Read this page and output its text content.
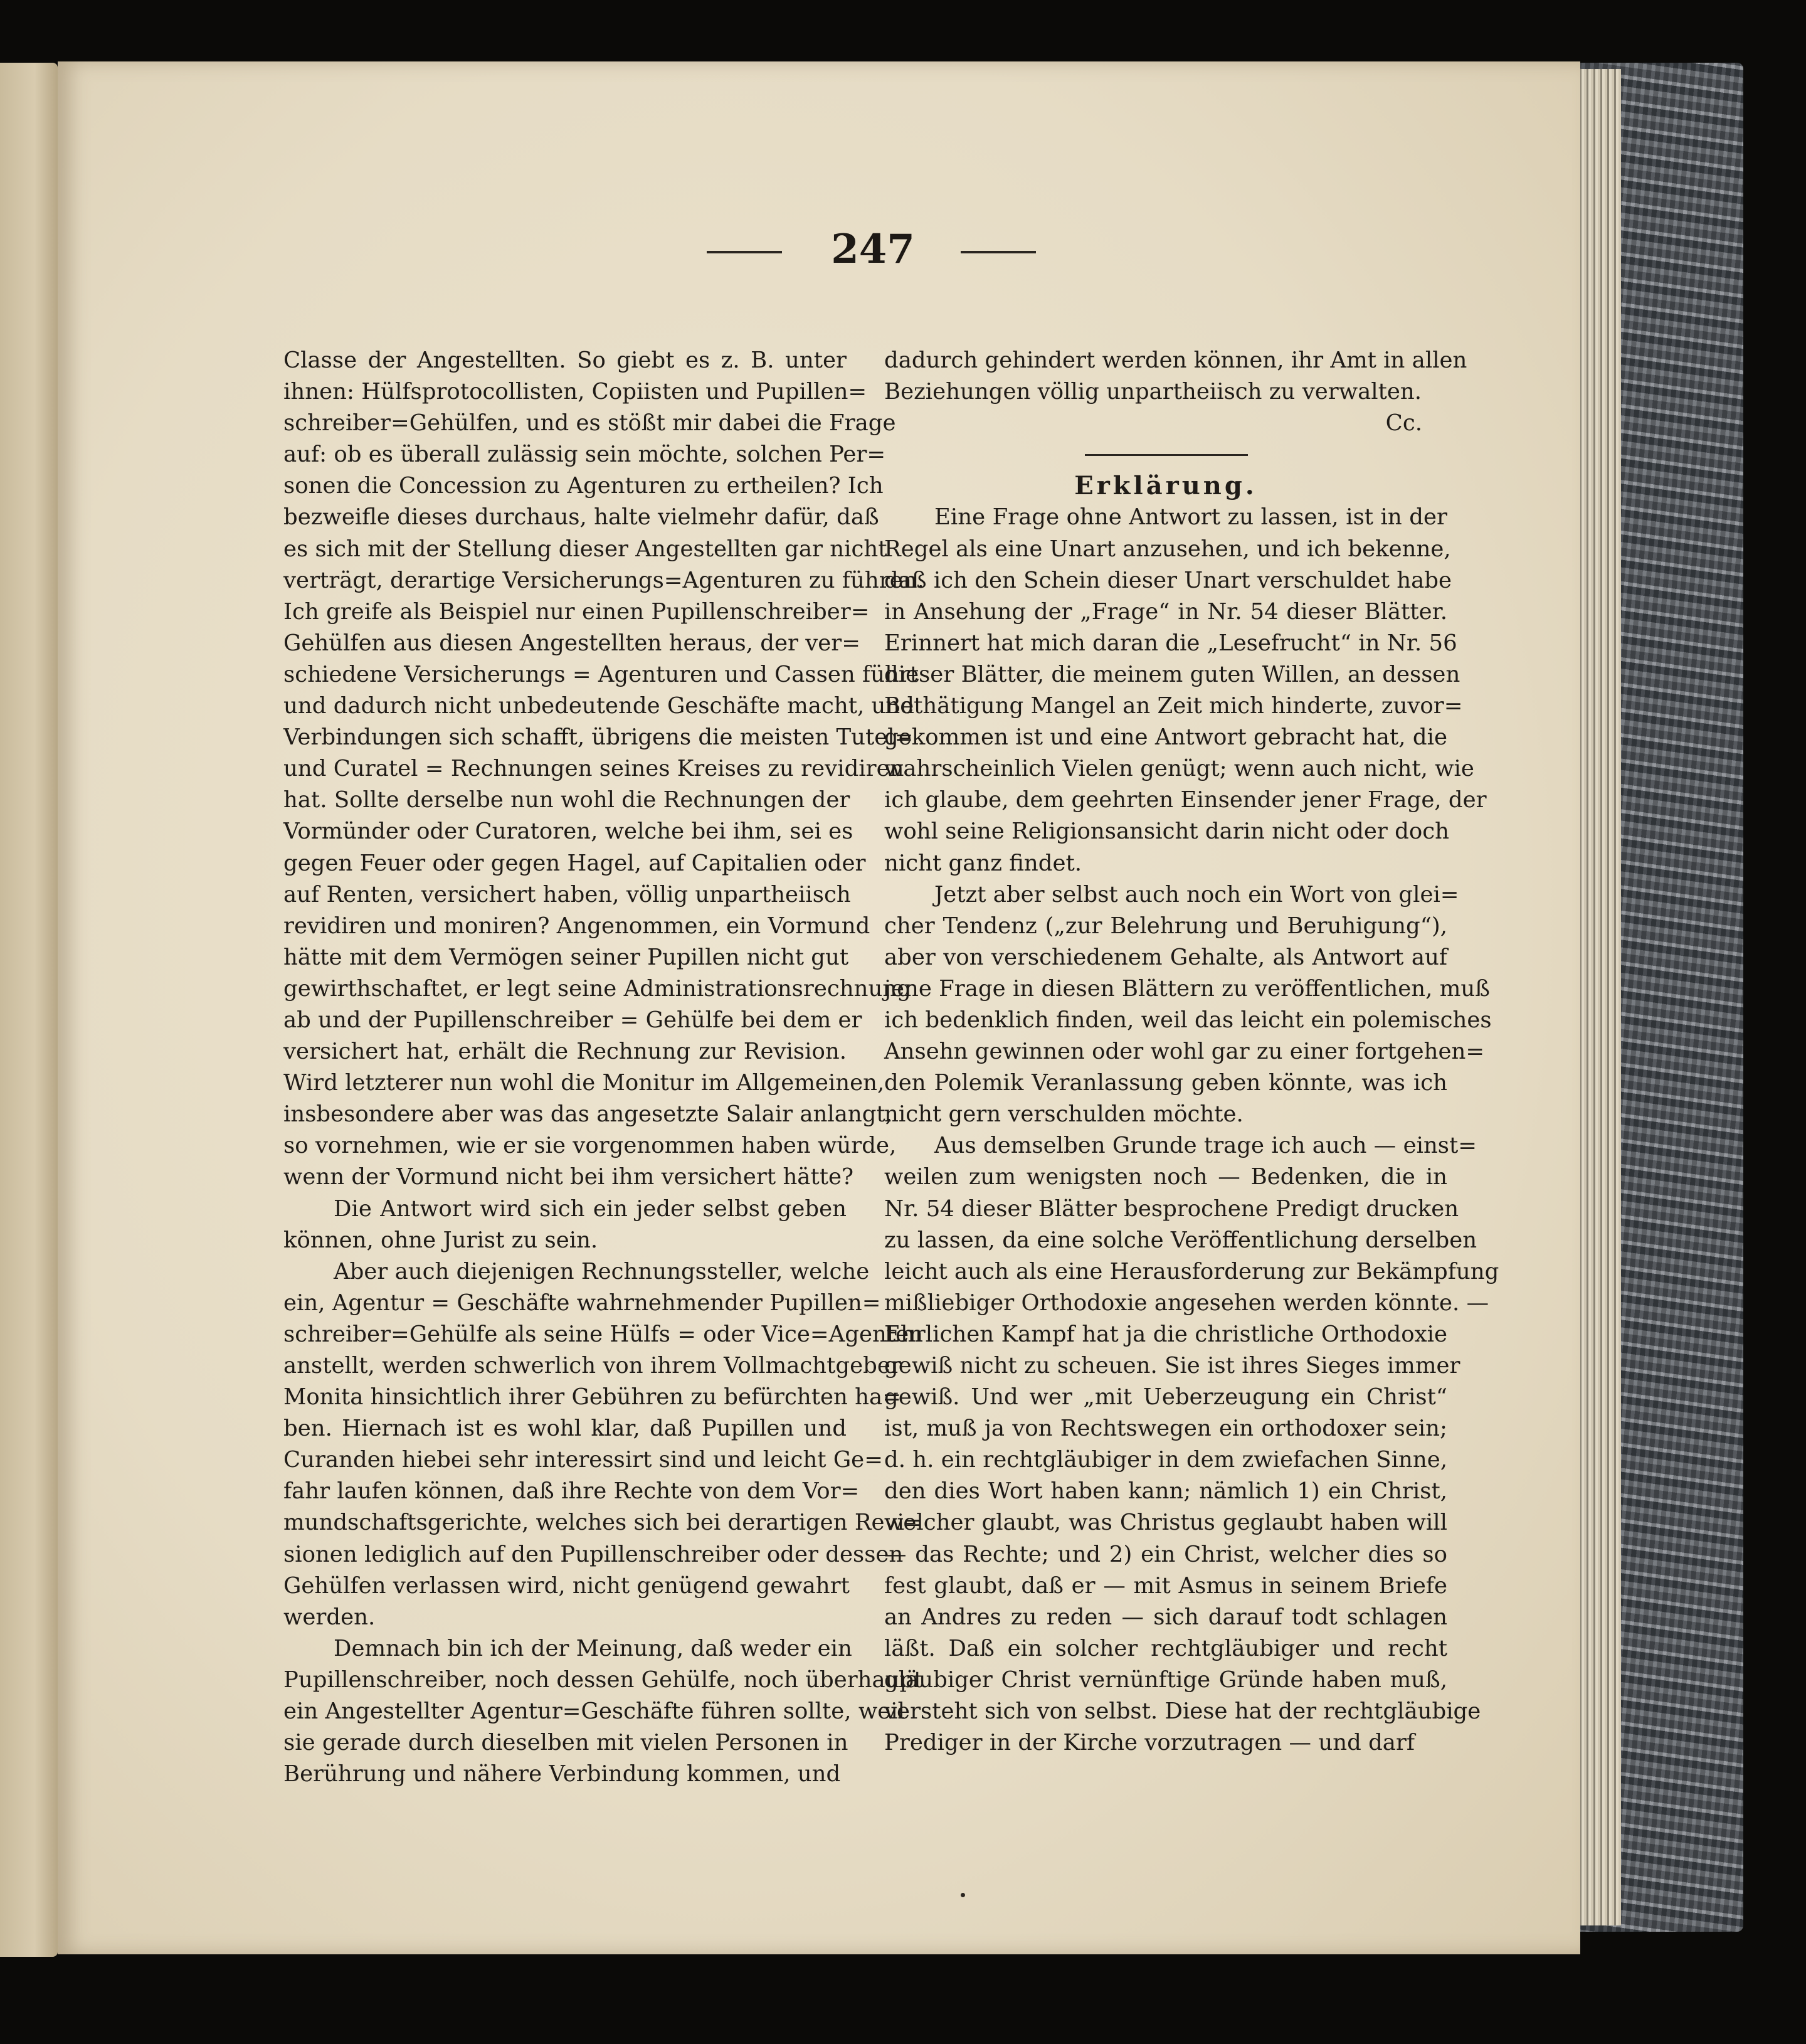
247
Classe der Angestellten. So giebt es z. B. unter
ihnen: Hülfsprotocollisten, Copiisten und Pupillen=
schreiber=Gehülfen, und es stößt mir dabei die Frage
auf: ob es überall zulässig sein möchte, solchen Per=
sonen die Concession zu Agenturen zu ertheilen? Ich
bezweifle dieses durchaus, halte vielmehr dafür, daß
es sich mit der Stellung dieser Angestellten gar nicht
verträgt, derartige Versicherungs=Agenturen zu führen.
Ich greife als Beispiel nur einen Pupillenschreiber=
Gehülfen aus diesen Angestellten heraus, der ver=
schiedene Versicherungs = Agenturen und Cassen führt
und dadurch nicht unbedeutende Geschäfte macht, und
Verbindungen sich schafft, übrigens die meisten Tutel=
und Curatel = Rechnungen seines Kreises zu revidiren
hat. Sollte derselbe nun wohl die Rechnungen der
Vormünder oder Curatoren, welche bei ihm, sei es
gegen Feuer oder gegen Hagel, auf Capitalien oder
auf Renten, versichert haben, völlig unpartheiisch
revidiren und moniren? Angenommen, ein Vormund
hätte mit dem Vermögen seiner Pupillen nicht gut
gewirthschaftet, er legt seine Administrationsrechnung
ab und der Pupillenschreiber = Gehülfe bei dem er
versichert hat, erhält die Rechnung zur Revision.
Wird letzterer nun wohl die Monitur im Allgemeinen,
insbesondere aber was das angesetzte Salair anlangt,
so vornehmen, wie er sie vorgenommen haben würde,
wenn der Vormund nicht bei ihm versichert hätte?
Die Antwort wird sich ein jeder selbst geben
können, ohne Jurist zu sein.
Aber auch diejenigen Rechnungssteller, welche
ein, Agentur = Geschäfte wahrnehmender Pupillen=
schreiber=Gehülfe als seine Hülfs = oder Vice=Agenten
anstellt, werden schwerlich von ihrem Vollmachtgeber
Monita hinsichtlich ihrer Gebühren zu befürchten ha=
ben. Hiernach ist es wohl klar, daß Pupillen und
Curanden hiebei sehr interessirt sind und leicht Ge=
fahr laufen können, daß ihre Rechte von dem Vor=
mundschaftsgerichte, welches sich bei derartigen Revi=
sionen lediglich auf den Pupillenschreiber oder dessen
Gehülfen verlassen wird, nicht genügend gewahrt
werden.
Demnach bin ich der Meinung, daß weder ein
Pupillenschreiber, noch dessen Gehülfe, noch überhaupt
ein Angestellter Agentur=Geschäfte führen sollte, weil
sie gerade durch dieselben mit vielen Personen in
Berührung und nähere Verbindung kommen, und
dadurch gehindert werden können, ihr Amt in allen
Beziehungen völlig unpartheiisch zu verwalten.
Cc.
Erklärung.
Eine Frage ohne Antwort zu lassen, ist in der
Regel als eine Unart anzusehen, und ich bekenne,
daß ich den Schein dieser Unart verschuldet habe
in Ansehung der „Frage“ in Nr. 54 dieser Blätter.
Erinnert hat mich daran die „Lesefrucht“ in Nr. 56
dieser Blätter, die meinem guten Willen, an dessen
Bethätigung Mangel an Zeit mich hinderte, zuvor=
gekommen ist und eine Antwort gebracht hat, die
wahrscheinlich Vielen genügt; wenn auch nicht, wie
ich glaube, dem geehrten Einsender jener Frage, der
wohl seine Religionsansicht darin nicht oder doch
nicht ganz findet.
Jetzt aber selbst auch noch ein Wort von glei=
cher Tendenz („zur Belehrung und Beruhigung“),
aber von verschiedenem Gehalte, als Antwort auf
jene Frage in diesen Blättern zu veröffentlichen, muß
ich bedenklich finden, weil das leicht ein polemisches
Ansehn gewinnen oder wohl gar zu einer fortgehen=
den Polemik Veranlassung geben könnte, was ich
nicht gern verschulden möchte.
Aus demselben Grunde trage ich auch — einst=
weilen zum wenigsten noch — Bedenken, die in
Nr. 54 dieser Blätter besprochene Predigt drucken
zu lassen, da eine solche Veröffentlichung derselben
leicht auch als eine Herausforderung zur Bekämpfung
mißliebiger Orthodoxie angesehen werden könnte. —
Ehrlichen Kampf hat ja die christliche Orthodoxie
gewiß nicht zu scheuen. Sie ist ihres Sieges immer
gewiß. Und wer „mit Ueberzeugung ein Christ“
ist, muß ja von Rechtswegen ein orthodoxer sein;
d. h. ein rechtgläubiger in dem zwiefachen Sinne,
den dies Wort haben kann; nämlich 1) ein Christ,
welcher glaubt, was Christus geglaubt haben will
— das Rechte; und 2) ein Christ, welcher dies so
fest glaubt, daß er — mit Asmus in seinem Briefe
an Andres zu reden — sich darauf todt schlagen
läßt. Daß ein solcher rechtgläubiger und recht
gläubiger Christ vernünftige Gründe haben muß,
versteht sich von selbst. Diese hat der rechtgläubige
Prediger in der Kirche vorzutragen — und darf
